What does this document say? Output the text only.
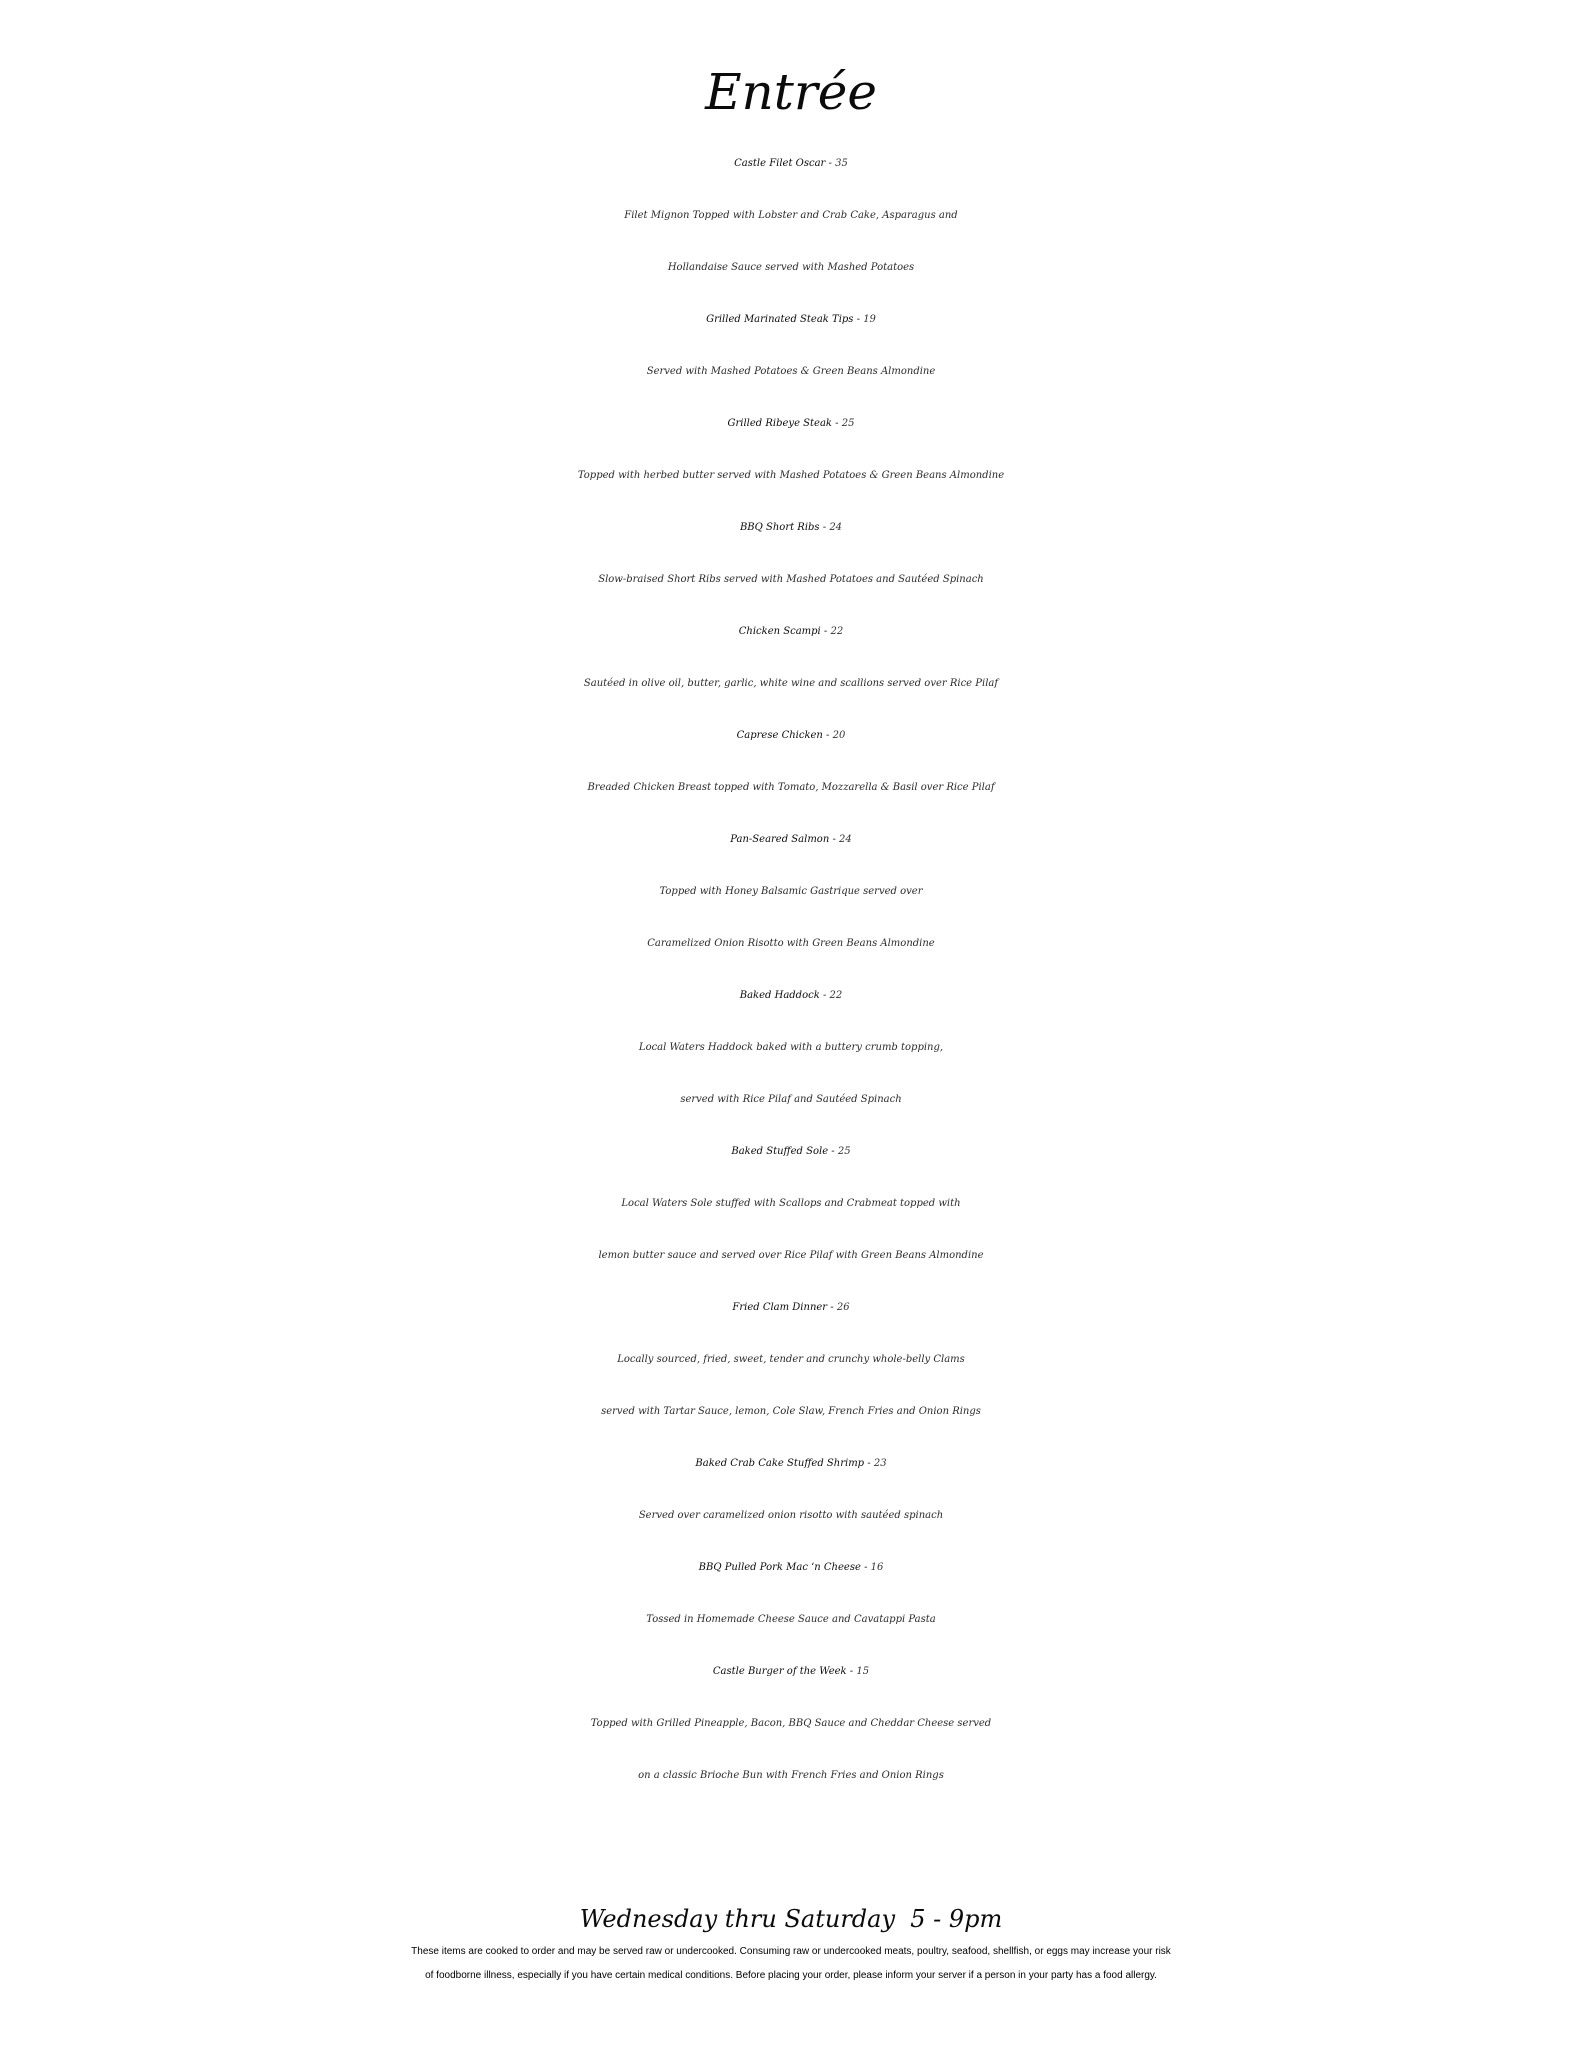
Entrée
Castle Filet Oscar - 35
Filet Mignon Topped with Lobster and Crab Cake, Asparagus and
Hollandaise Sauce served with Mashed Potatoes
Grilled Marinated Steak Tips - 19
Served with Mashed Potatoes & Green Beans Almondine
Grilled Ribeye Steak - 25
Topped with herbed butter served with Mashed Potatoes & Green Beans Almondine
BBQ Short Ribs - 24
Slow-braised Short Ribs served with Mashed Potatoes and Sautéed Spinach
Chicken Scampi - 22
Sautéed in olive oil, butter, garlic, white wine and scallions served over Rice Pilaf
Caprese Chicken - 20
Breaded Chicken Breast topped with Tomato, Mozzarella & Basil over Rice Pilaf
Pan-Seared Salmon - 24
Topped with Honey Balsamic Gastrique served over
Caramelized Onion Risotto with Green Beans Almondine
Baked Haddock - 22
Local Waters Haddock baked with a buttery crumb topping,
served with Rice Pilaf and Sautéed Spinach
Baked Stuffed Sole - 25
Local Waters Sole stuffed with Scallops and Crabmeat topped with
lemon butter sauce and served over Rice Pilaf with Green Beans Almondine
Fried Clam Dinner - 26
Locally sourced, fried, sweet, tender and crunchy whole-belly Clams
served with Tartar Sauce, lemon, Cole Slaw, French Fries and Onion Rings
Baked Crab Cake Stuffed Shrimp - 23
Served over caramelized onion risotto with sautéed spinach
BBQ Pulled Pork Mac ‘n Cheese - 16
Tossed in Homemade Cheese Sauce and Cavatappi Pasta
Castle Burger of the Week - 15
Topped with Grilled Pineapple, Bacon, BBQ Sauce and Cheddar Cheese served
on a classic Brioche Bun with French Fries and Onion Rings
Wednesday thru Saturday  5 - 9pm
These items are cooked to order and may be served raw or undercooked. Consuming raw or undercooked meats, poultry, seafood, shellfish, or eggs may increase your risk
of foodborne illness, especially if you have certain medical conditions. Before placing your order, please inform your server if a person in your party has a food allergy.
